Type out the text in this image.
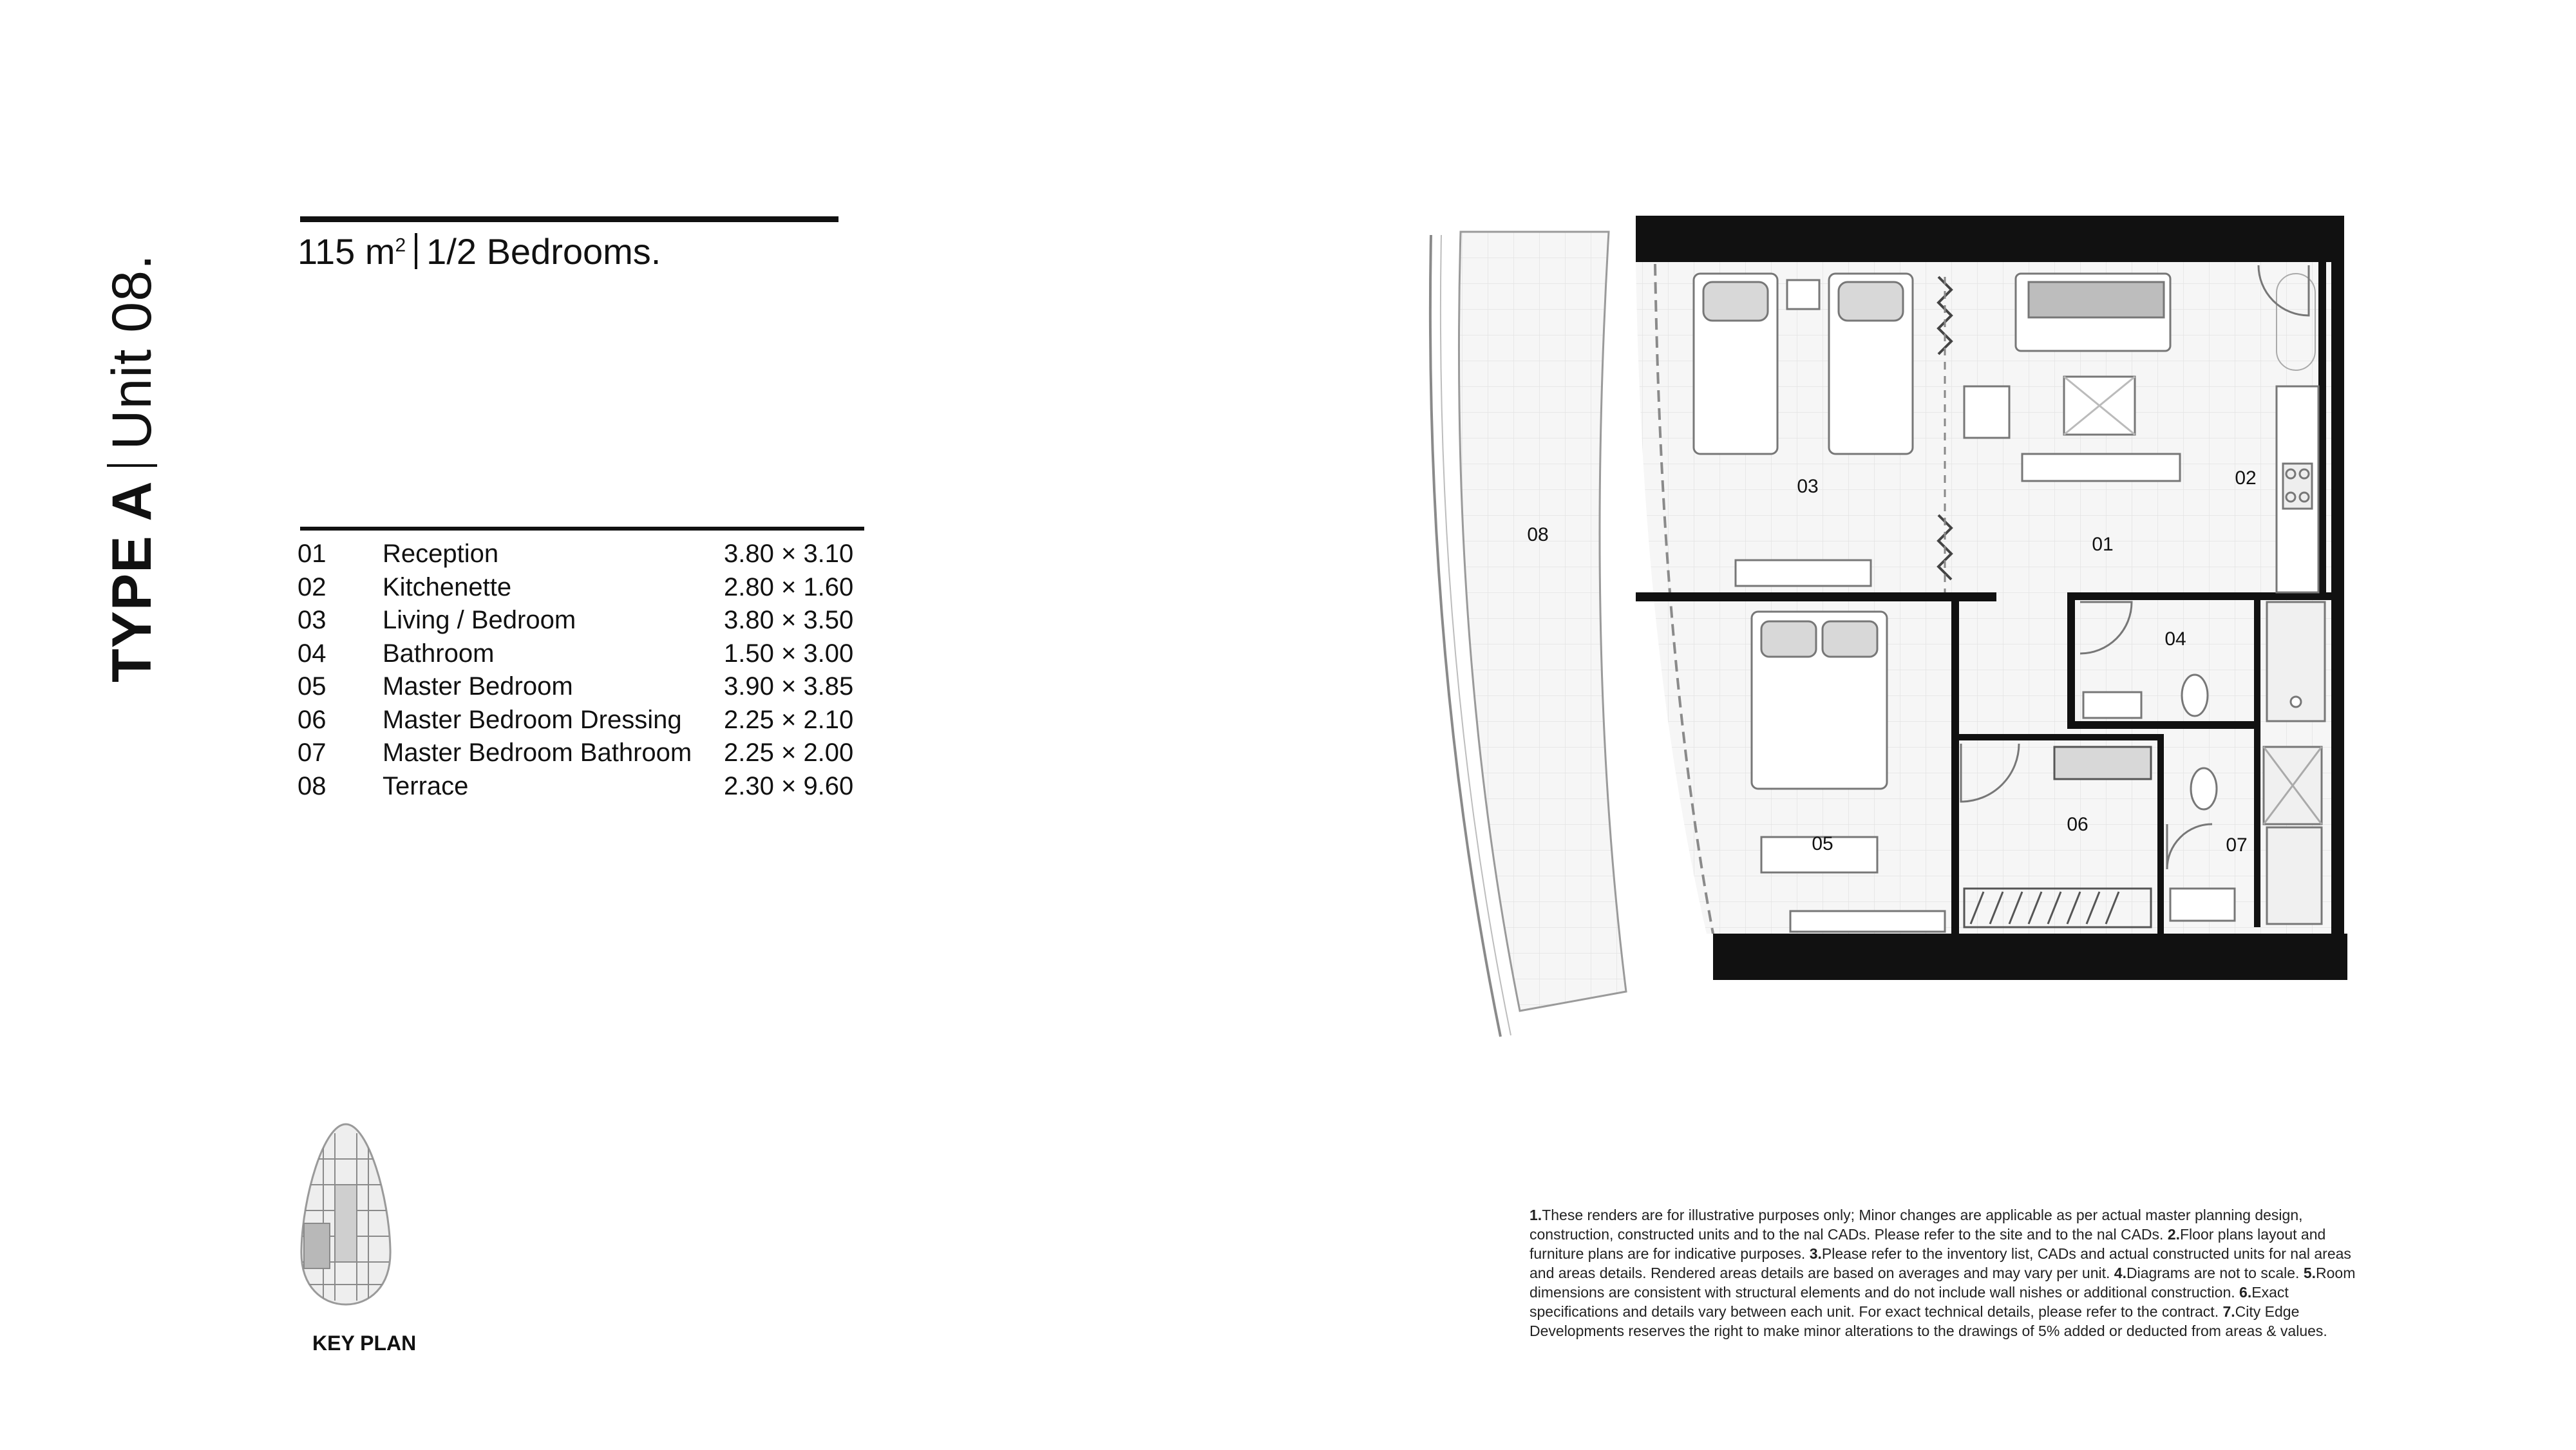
TYPE AUnit 08.
115 $m^2$ 1/2 Bedrooms.
01 Reception	3.80 × 3.10
02 Kitchenette	2.80 × 1.60
03 Living / Bedroom	3.80 × 3.50
04 Bathroom	1.50 × 3.00
05 Master Bedroom	3.90 × 3.85
06 Master Bedroom Dressing 2.25 × 2.10
07 Master Bedroom Bathroom 2.25 × 2.00
08 Terrace	2.30 × 9.60
KEY PLAN
01
02
03
04
05
06
07
08
1.These renders are for illustrative purposes only; Minor changes are applicable as per actual master planning design, construction, constructed units and to the nal CADs. Please refer to the site and to the nal CADs. 2.Floor plans layout and furniture plans are for indicative purposes. 3.Please refer to the inventory list, CADs and actual constructed units for nal areas and areas details. Rendered areas details are based on averages and may vary per unit. 4.Diagrams are not to scale. 5.Room dimensions are consistent with structural elements and do not include wall nishes or additional construction. 6.Exact specifications and details vary between each unit. For exact technical details, please refer to the contract. 7.City Edge Developments reserves the right to make minor alterations to the drawings of 5% added or deducted from areas & values.
